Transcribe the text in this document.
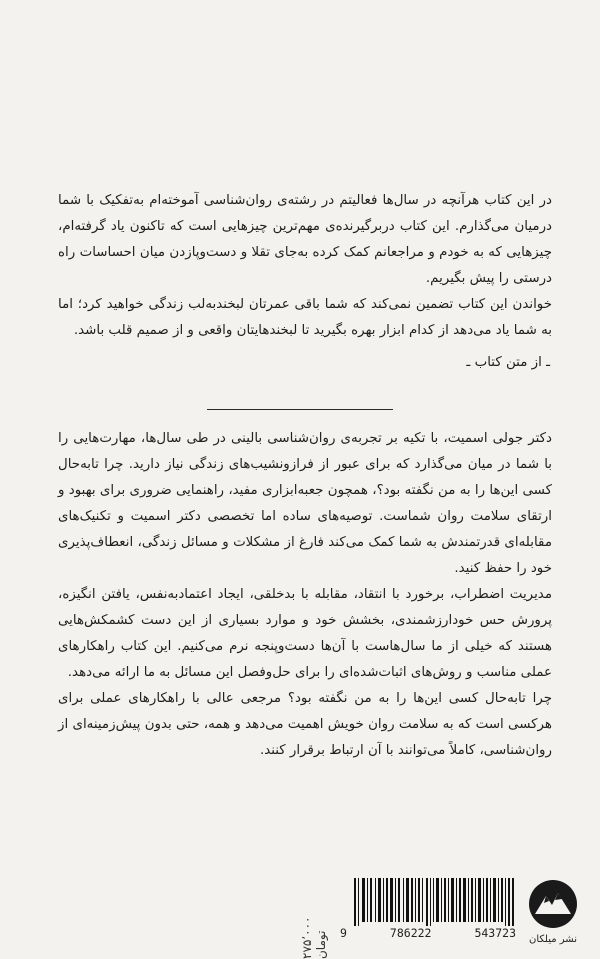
در این کتاب هرآنچه در سال‌ها فعالیتم در رشته‌ی روان‌شناسی آموخته‌ام به‌تفکیک با شما درمیان می‌گذارم. این کتاب دربرگیرنده‌ی مهم‌ترین چیزهایی است که تاکنون یاد گرفته‌ام، چیزهایی که به خودم و مراجعانم کمک کرده به‌جای تقلا و دست‌وپازدن میان احساسات راه درستی را پیش بگیریم.

خواندن این کتاب تضمین نمی‌کند که شما باقی عمرتان لبخندبه‌لب زندگی خواهید کرد؛ اما به شما یاد می‌دهد از کدام ابزار بهره بگیرید تا لبخندهایتان واقعی و از صمیم قلب باشد.

ـ از متن کتاب ـ

دکتر جولی اسمیت، با تکیه بر تجربه‌ی روان‌شناسی بالینی در طی سال‌ها، مهارت‌هایی را با شما در میان می‌گذارد که برای عبور از فرازونشیب‌های زندگی نیاز دارید. چرا تابه‌حال کسی این‌ها را به من نگفته بود؟، همچون جعبه‌ابزاری مفید، راهنمایی ضروری برای بهبود و ارتقای سلامت روان شماست. توصیه‌های ساده اما تخصصی دکتر اسمیت و تکنیک‌های مقابله‌ای قدرتمندش به شما کمک می‌کند فارغ از مشکلات و مسائل زندگی، انعطاف‌پذیری خود را حفظ کنید.

مدیریت اضطراب، برخورد با انتقاد، مقابله با بدخلقی، ایجاد اعتمادبه‌نفس، یافتن انگیزه، پرورش حس خودارزشمندی، بخشش خود و موارد بسیاری از این دست کشمکش‌هایی هستند که خیلی از ما سال‌هاست با آن‌ها دست‌وپنجه نرم می‌کنیم. این کتاب راهکارهای عملی مناسب و روش‌های اثبات‌شده‌ای را برای حل‌وفصل این مسائل به ما ارائه می‌دهد.

چرا تابه‌حال کسی این‌ها را به من نگفته بود؟ مرجعی عالی با راهکارهای عملی برای هرکسی است که به سلامت روان خویش اهمیت می‌دهد و همه، حتی بدون پیش‌زمینه‌ای از روان‌شناسی، کاملاً می‌توانند با آن ارتباط برقرار کنند.

۲۷۵٬۰۰۰ تومان 9	786222	543723	نشر میلکان
